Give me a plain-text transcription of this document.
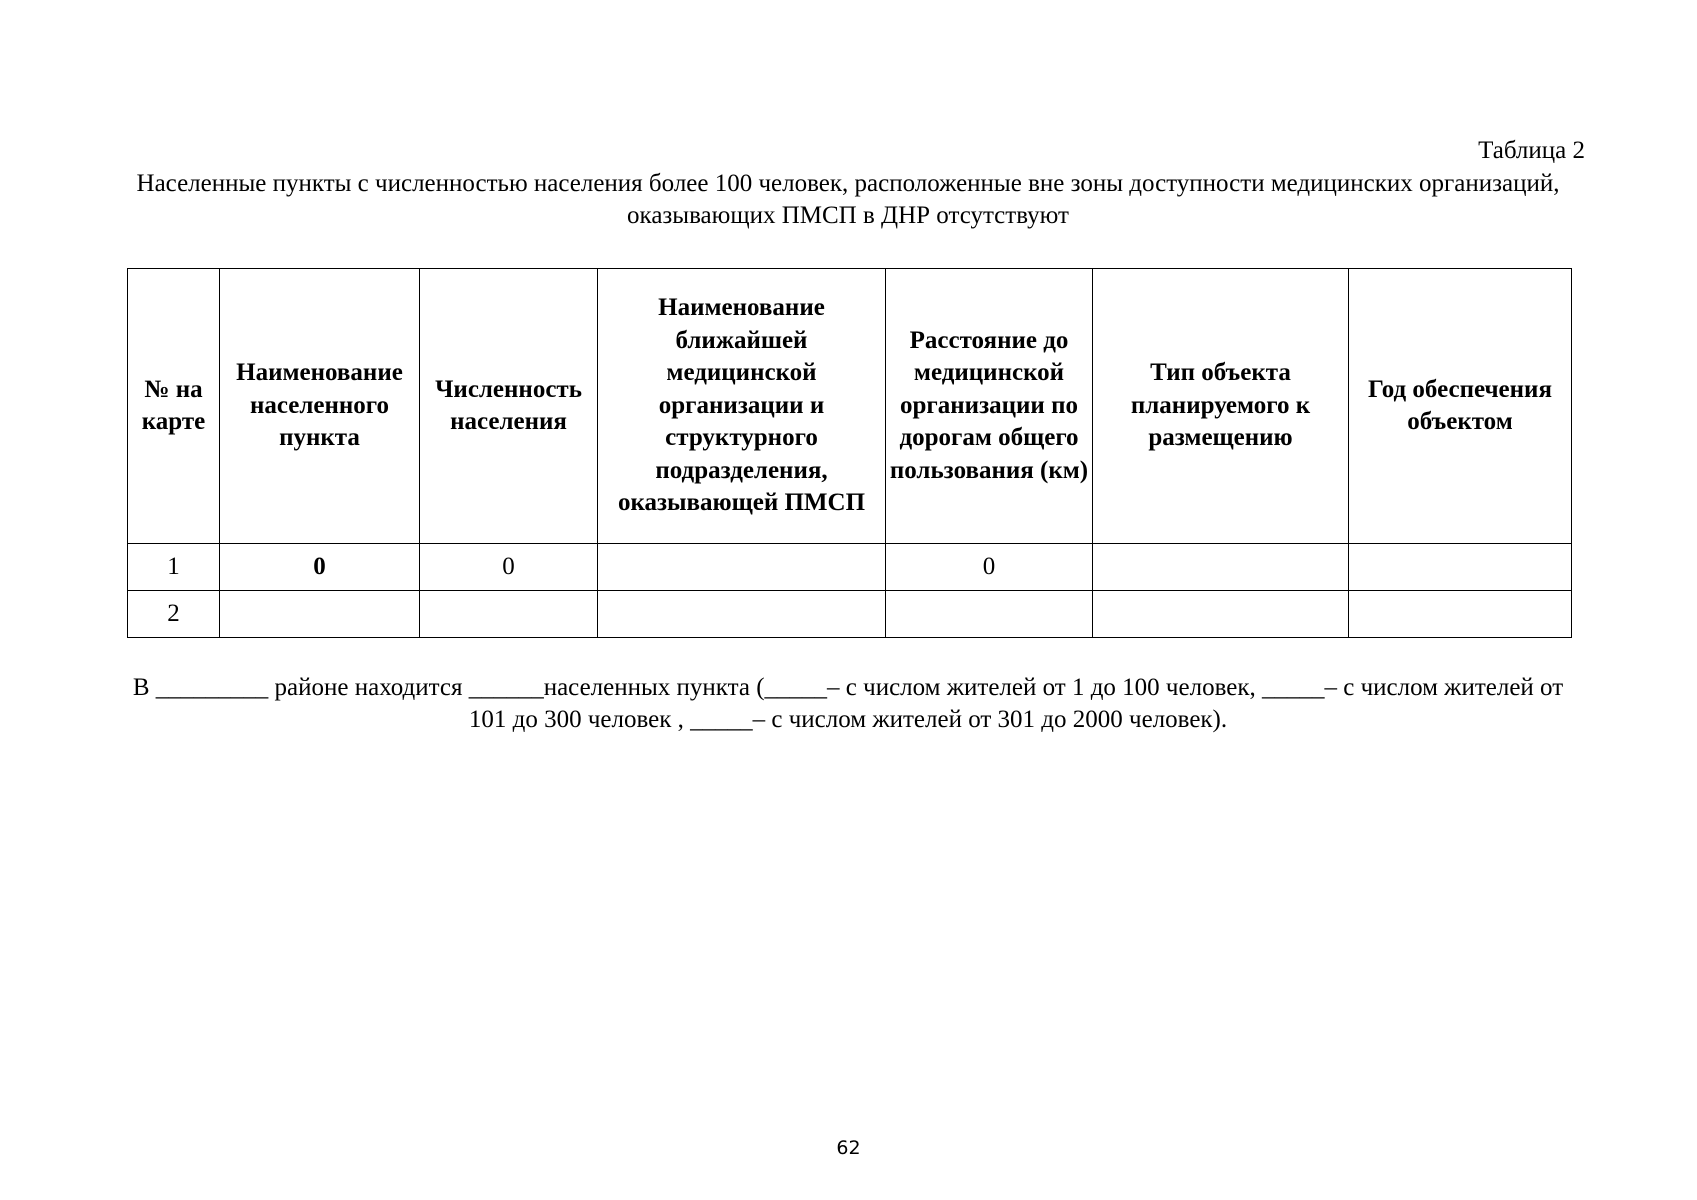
Таблица 2
Населенные пункты с численностью населения более 100 человек, расположенные вне зоны доступности медицинских организаций, оказывающих ПМСП в ДНР отсутствуют
№ на карте	Наименование населенного пункта	Численность населения	Наименование ближайшей медицинской организации и структурного подразделения, оказывающей ПМСП	Расстояние до медицинской организации по дорогам общего пользования (км)	Тип объекта планируемого к размещению	Год обеспечения объектом
1	0	0		0		
2						
В _________ районе находится ______населенных пункта (_____– с числом жителей от 1 до 100 человек, _____– с числом жителей от 101 до 300 человек , _____– с числом жителей от 301 до 2000 человек).
62
